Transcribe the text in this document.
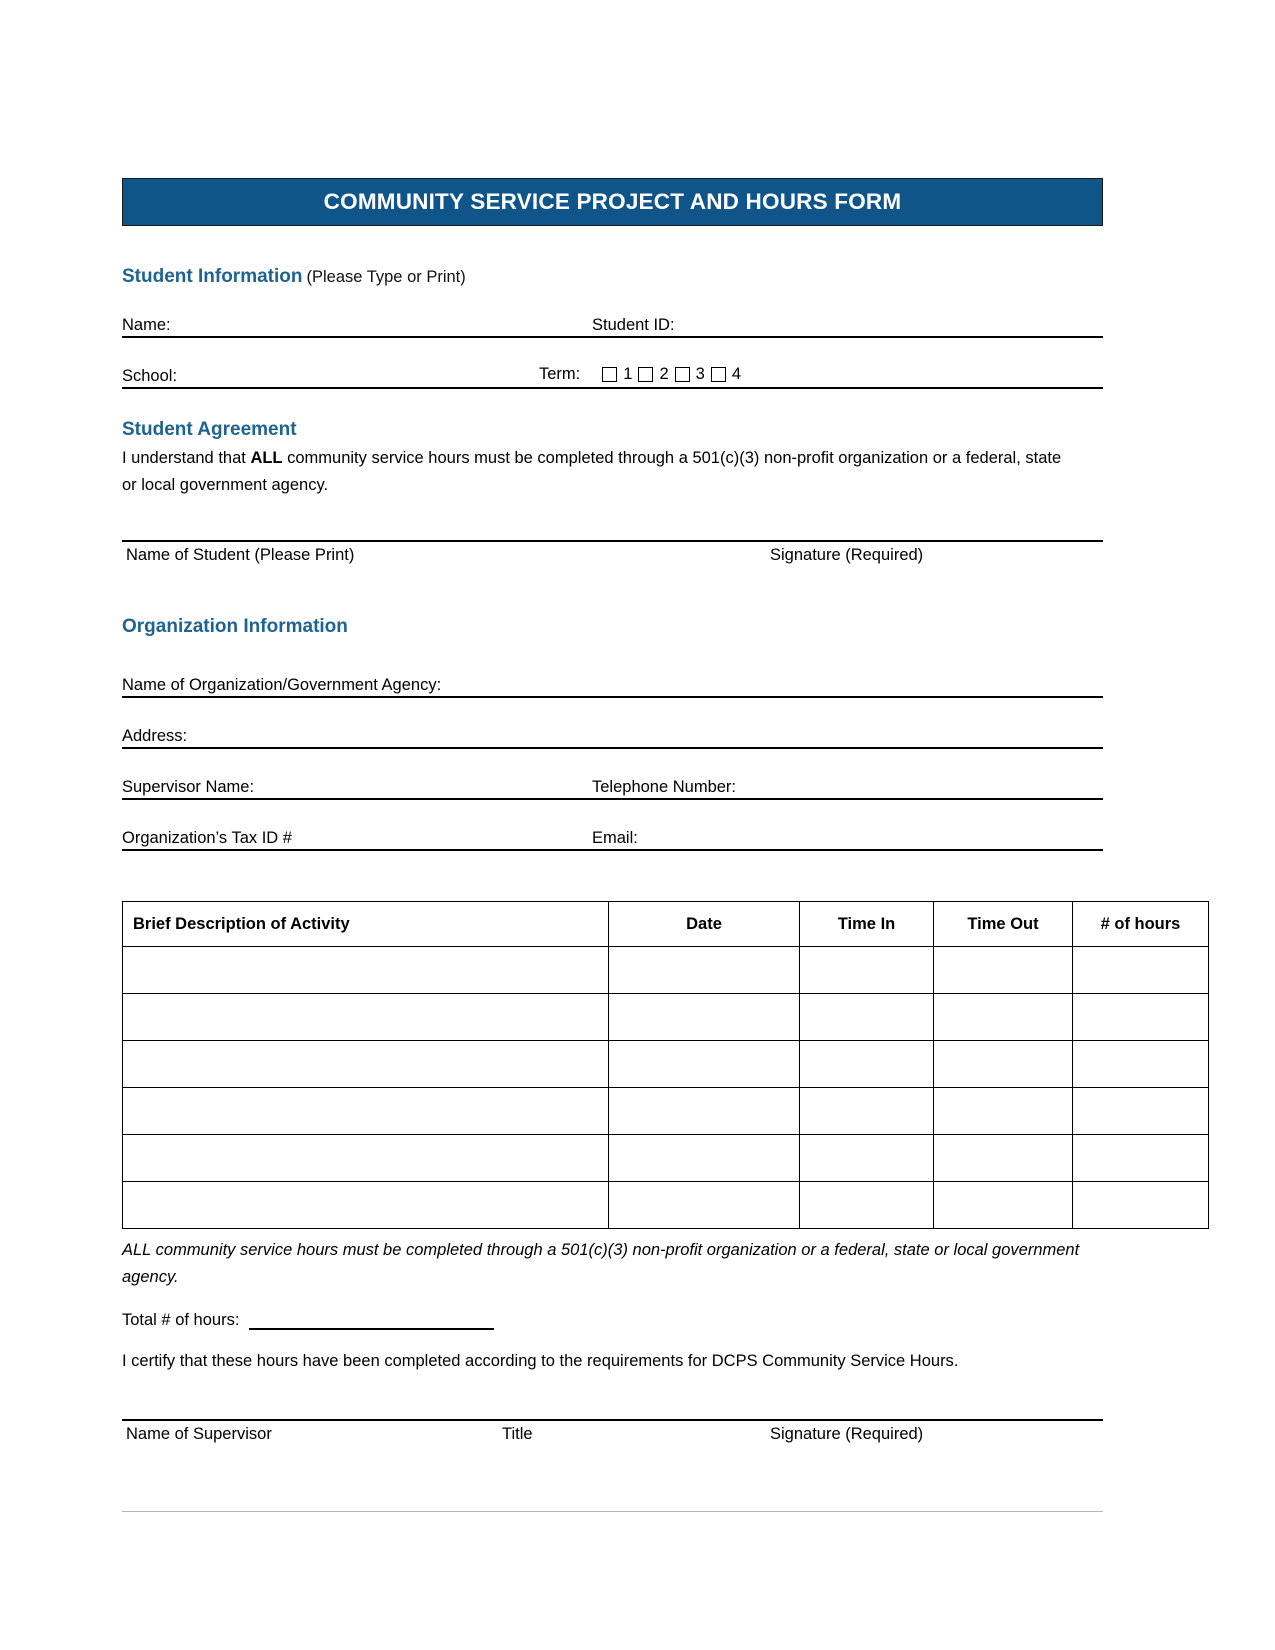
COMMUNITY SERVICE PROJECT AND HOURS FORM
Student Information (Please Type or Print)
Name:	Student ID:
School:	Term:	1 2 3 4
Student Agreement
I understand that ALL community service hours must be completed through a 501(c)(3) non-profit organization or a federal, state or local government agency.
Name of Student (Please Print)	Signature (Required)
Organization Information
Name of Organization/Government Agency:
Address:
Supervisor Name:	Telephone Number:
Organization’s Tax ID #	Email:
Brief Description of Activity	Date	Time In	Time Out	# of hours

ALL community service hours must be completed through a 501(c)(3) non-profit organization or a federal, state or local government agency.
Total # of hours:
I certify that these hours have been completed according to the requirements for DCPS Community Service Hours.
Name of Supervisor	Title	Signature (Required)
